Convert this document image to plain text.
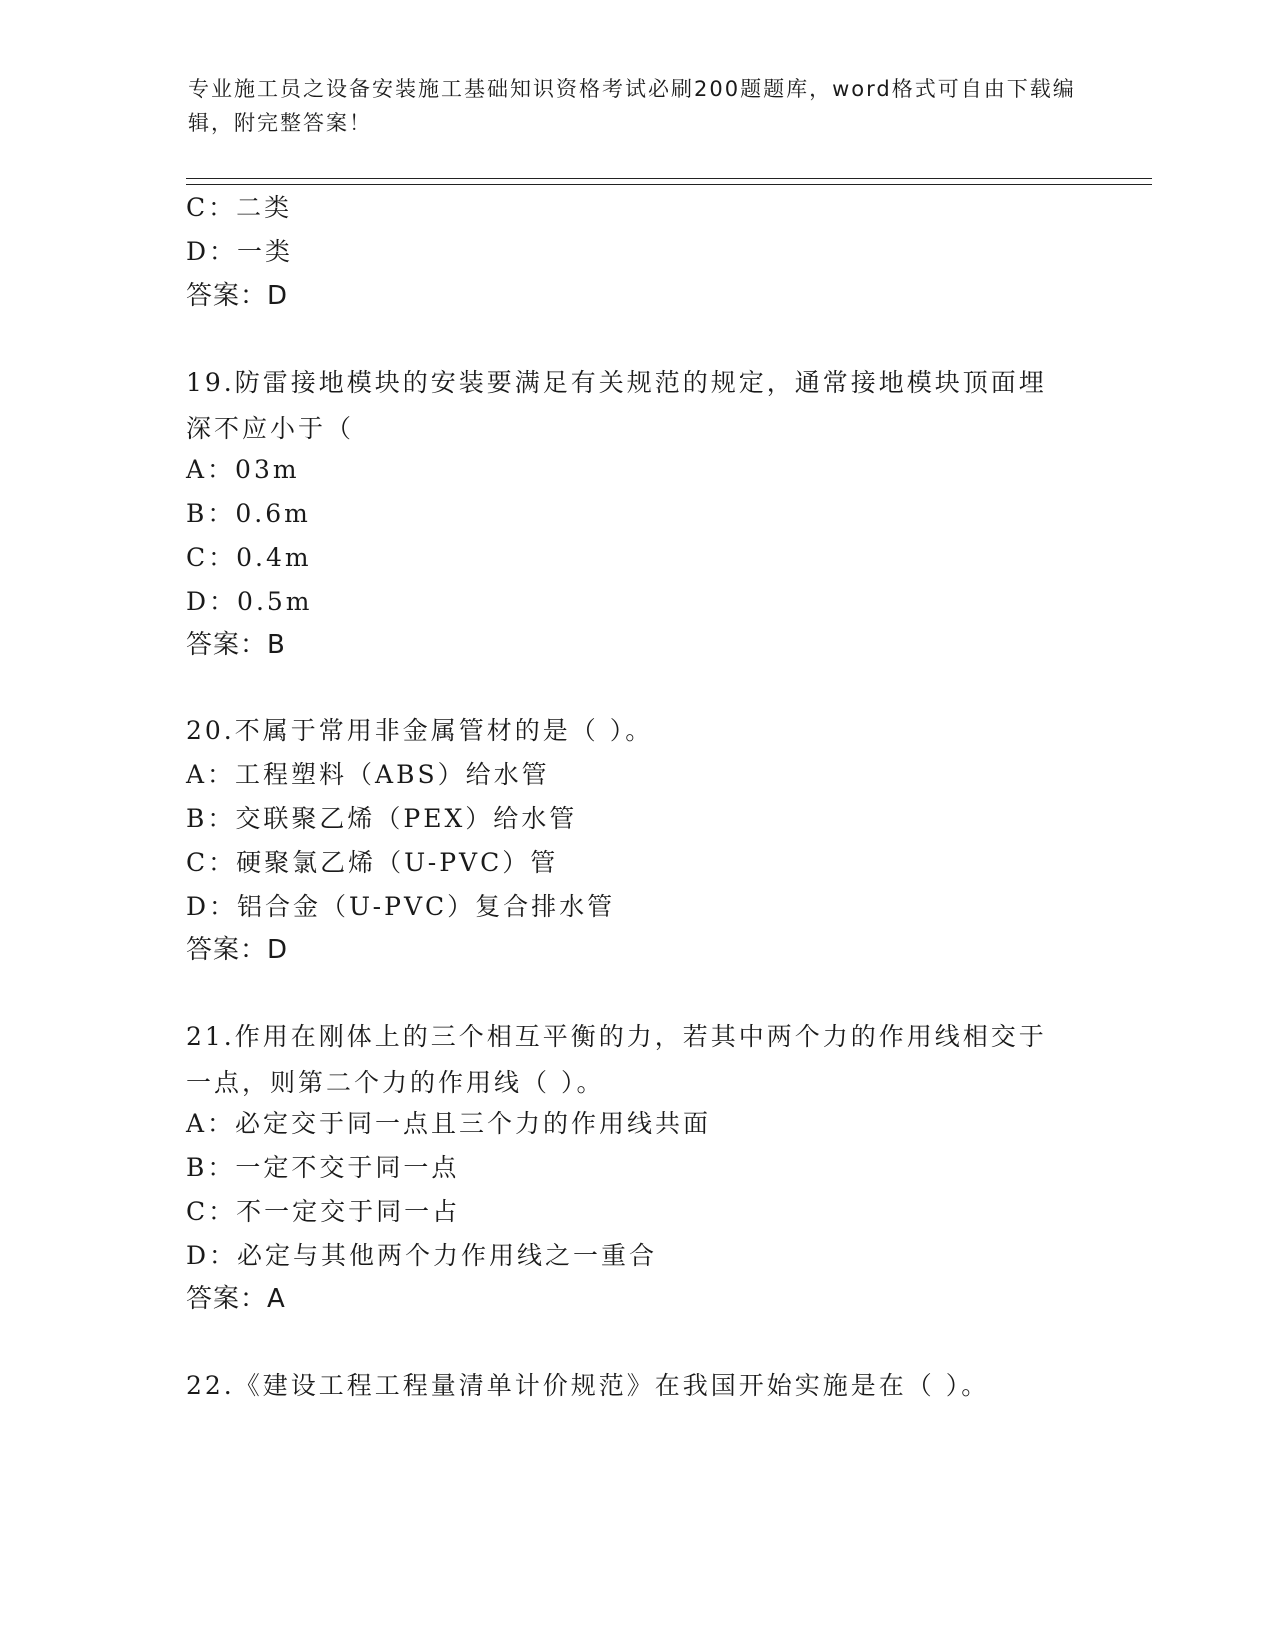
专业施工员之设备安装施工基础知识资格考试必刷200题题库，word格式可自由下载编辑，附完整答案！
C：二类
D：一类
答案：D
19.防雷接地模块的安装要满足有关规范的规定，通常接地模块顶面埋深不应小于（
A：03m
B：0.6m
C：0.4m
D：0.5m
答案：B
20.不属于常用非金属管材的是（ ）。
A：工程塑料（ABS）给水管
B：交联聚乙烯（PEX）给水管
C：硬聚氯乙烯（U-PVC）管
D：铝合金（U-PVC）复合排水管
答案：D
21.作用在刚体上的三个相互平衡的力，若其中两个力的作用线相交于一点，则第二个力的作用线（ ）。
A：必定交于同一点且三个力的作用线共面
B：一定不交于同一点
C：不一定交于同一占
D：必定与其他两个力作用线之一重合
答案：A
22.《建设工程工程量清单计价规范》在我国开始实施是在（ ）。
